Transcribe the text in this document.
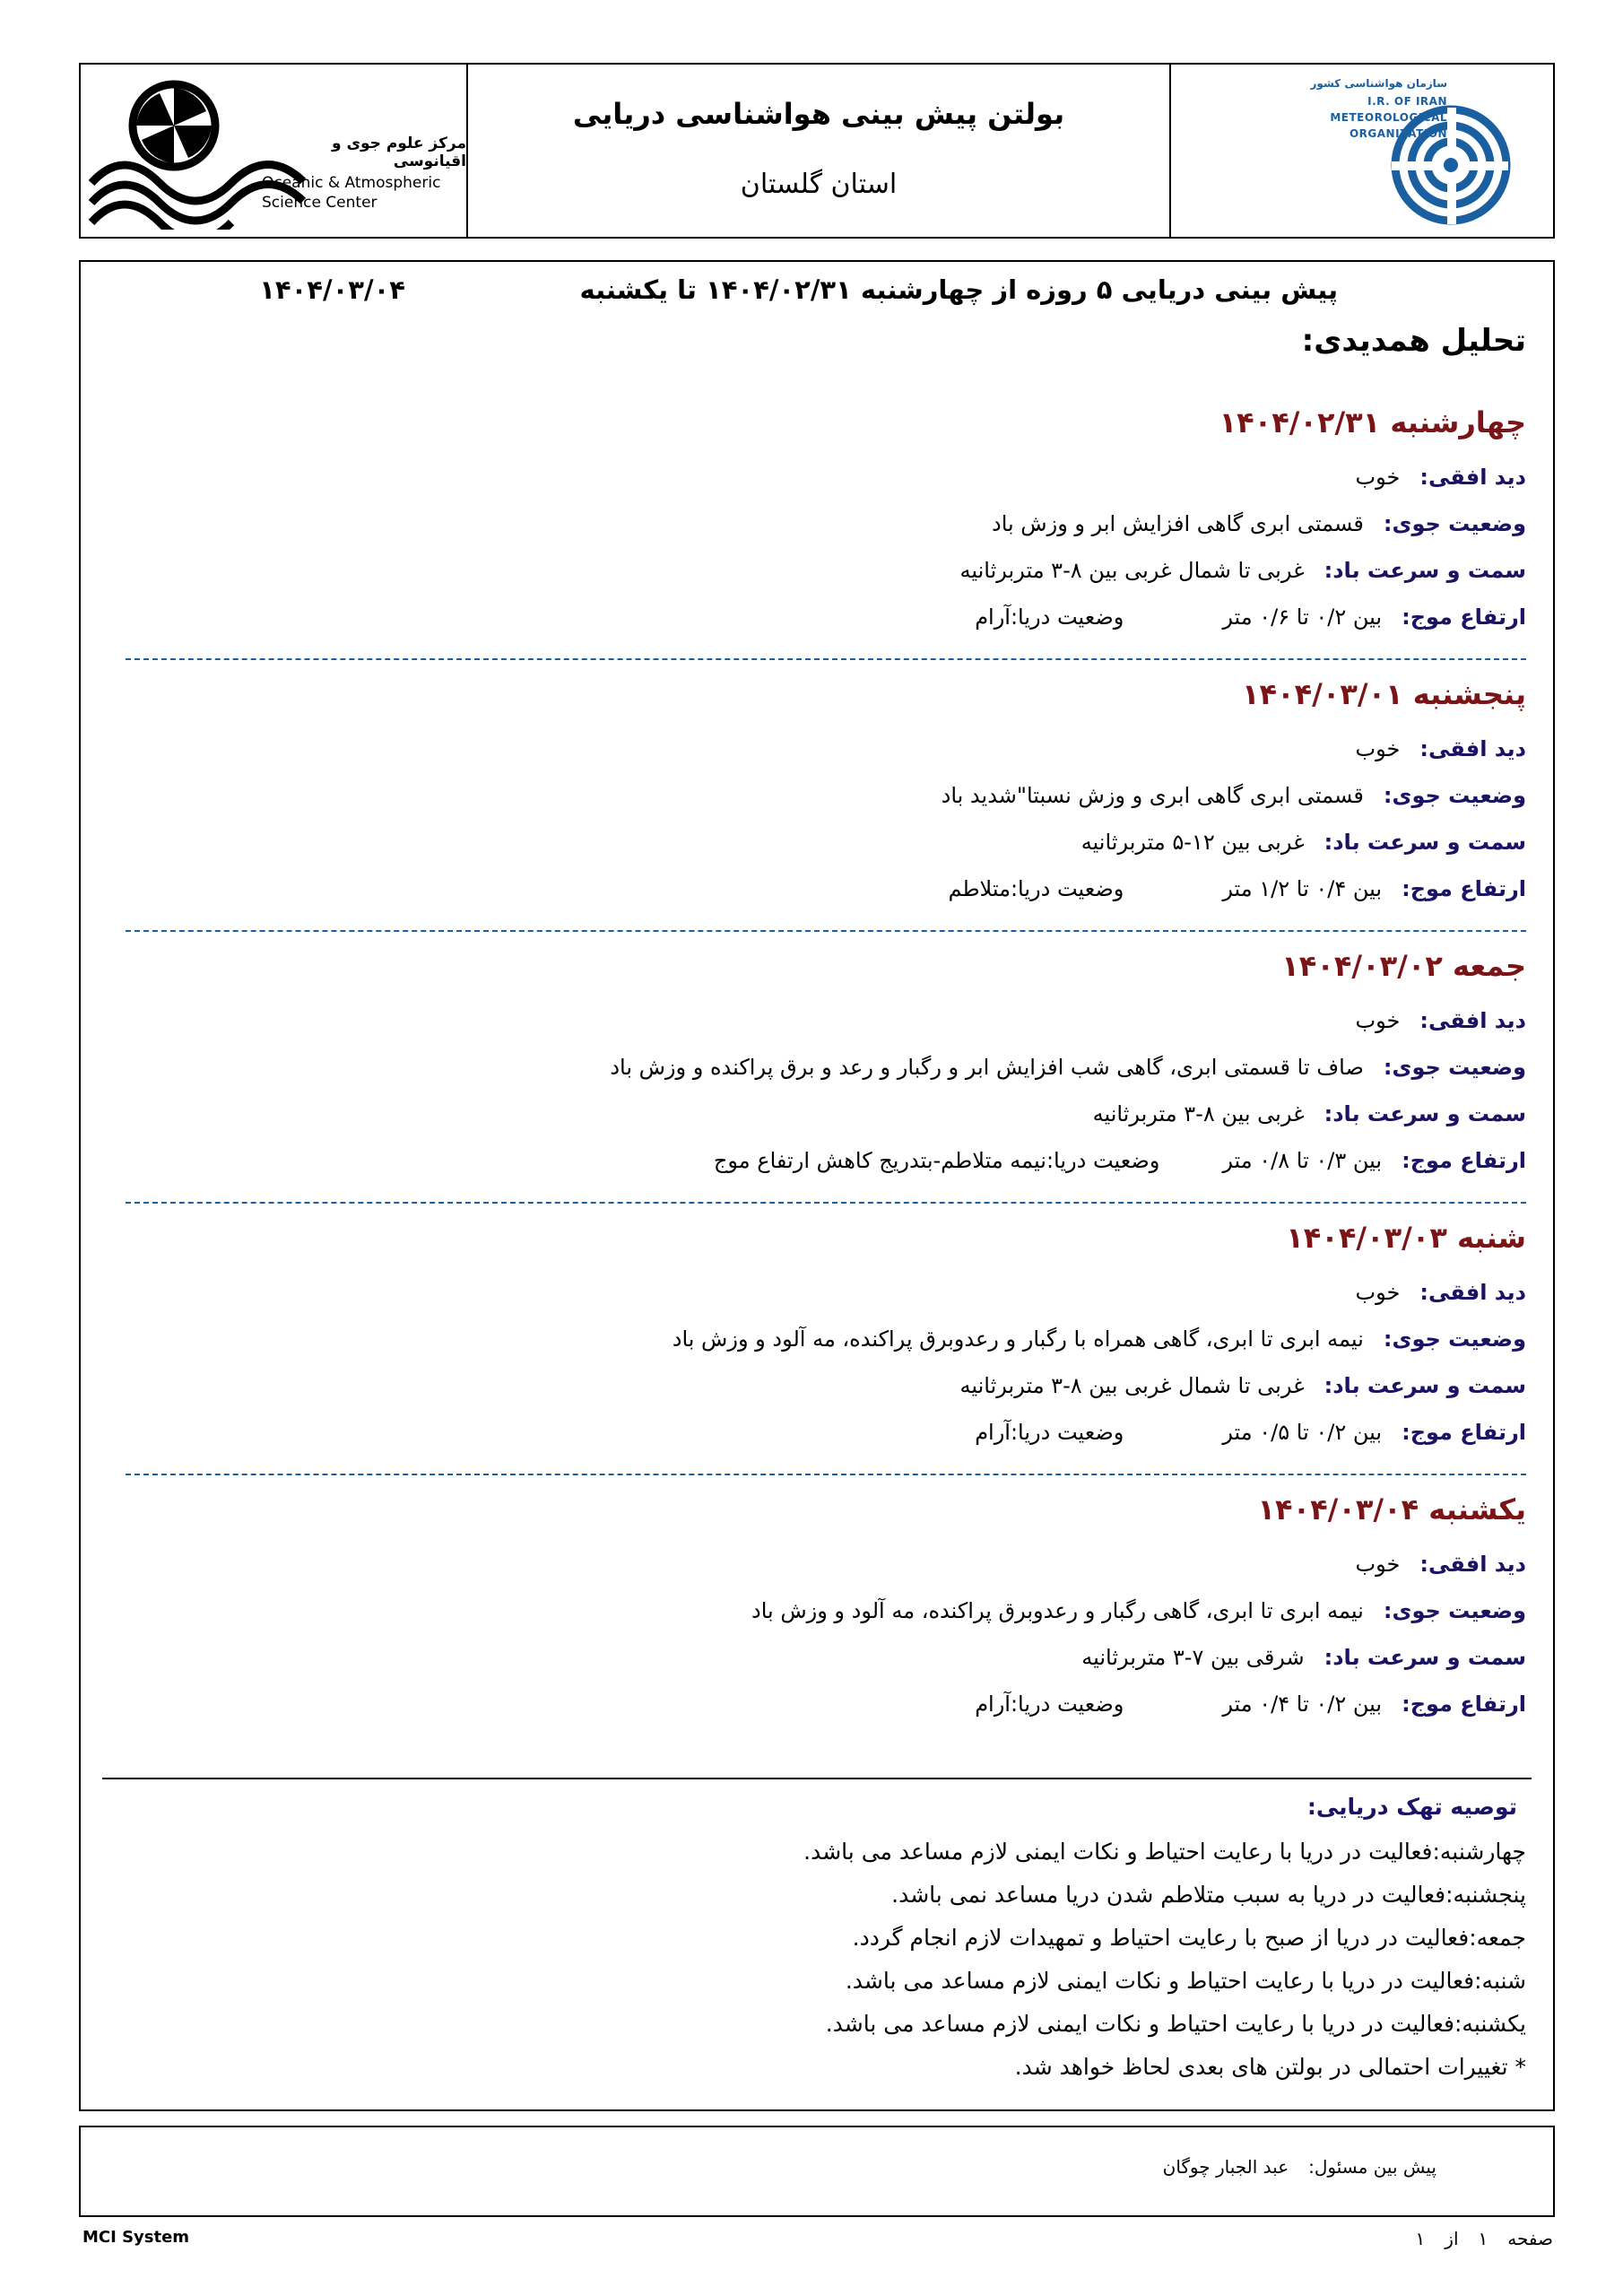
مرکز علوم جوی و اقیانوسی
Oceanic & Atmospheric
Science Center
بولتن پیش بینی هواشناسی دریایی
استان گلستان
سازمان هواشناسی کشور
I.R. OF IRAN
METEOROLOGICAL
ORGANIZATION
پیش بینی دریایی ۵ روزه از چهارشنبه ۱۴۰۴/۰۲/۳۱ تا یکشنبه
۱۴۰۴/۰۳/۰۴
تحلیل همدیدی:
چهارشنبه ۱۴۰۴/۰۲/۳۱
دید افقی:
خوب
وضعیت جوی:
قسمتی ابری گاهی افزایش ابر و وزش باد
سمت و سرعت باد:
غربی تا شمال غربی بین ۸-۳ متربرثانیه
ارتفاع موج:
بین ۰/۲ تا ۰/۶ متر
وضعیت دریا:آرام
پنجشنبه ۱۴۰۴/۰۳/۰۱
دید افقی:
خوب
وضعیت جوی:
قسمتی ابری گاهی ابری و وزش نسبتا"شدید باد
سمت و سرعت باد:
غربی بین ۱۲-۵ متربرثانیه
ارتفاع موج:
بین ۰/۴ تا ۱/۲ متر
وضعیت دریا:متلاطم
جمعه ۱۴۰۴/۰۳/۰۲
دید افقی:
خوب
وضعیت جوی:
صاف تا قسمتی ابری، گاهی شب افزایش ابر و رگبار و رعد و برق پراکنده و وزش باد
سمت و سرعت باد:
غربی بین ۸-۳ متربرثانیه
ارتفاع موج:
بین ۰/۳ تا ۰/۸ متر
وضعیت دریا:نیمه متلاطم-بتدریج کاهش ارتفاع موج
شنبه ۱۴۰۴/۰۳/۰۳
دید افقی:
خوب
وضعیت جوی:
نیمه ابری تا ابری، گاهی همراه با رگبار و رعدوبرق پراکنده، مه آلود و وزش باد
سمت و سرعت باد:
غربی تا شمال غربی بین ۸-۳ متربرثانیه
ارتفاع موج:
بین ۰/۲ تا ۰/۵ متر
وضعیت دریا:آرام
یکشنبه ۱۴۰۴/۰۳/۰۴
دید افقی:
خوب
وضعیت جوی:
نیمه ابری تا ابری، گاهی رگبار و رعدوبرق پراکنده، مه آلود و وزش باد
سمت و سرعت باد:
شرقی بین ۷-۳ متربرثانیه
ارتفاع موج:
بین ۰/۲ تا ۰/۴ متر
وضعیت دریا:آرام
توصیه تهک دریایی:
چهارشنبه:فعالیت در دریا با رعایت احتیاط و نکات ایمنی لازم مساعد می باشد.
پنجشنبه:فعالیت در دریا به سبب متلاطم شدن دریا مساعد نمی باشد.
جمعه:فعالیت در دریا از صبح با رعایت احتیاط و تمهیدات لازم انجام گردد.
شنبه:فعالیت در دریا با رعایت احتیاط و نکات ایمنی لازم مساعد می باشد.
یکشنبه:فعالیت در دریا با رعایت احتیاط و نکات ایمنی لازم مساعد می باشد.
* تغییرات احتمالی در بولتن های بعدی لحاظ خواهد شد.
پیش بین مسئول:
عبد الجبار چوگان
MCI System	صفحه۱از۱
